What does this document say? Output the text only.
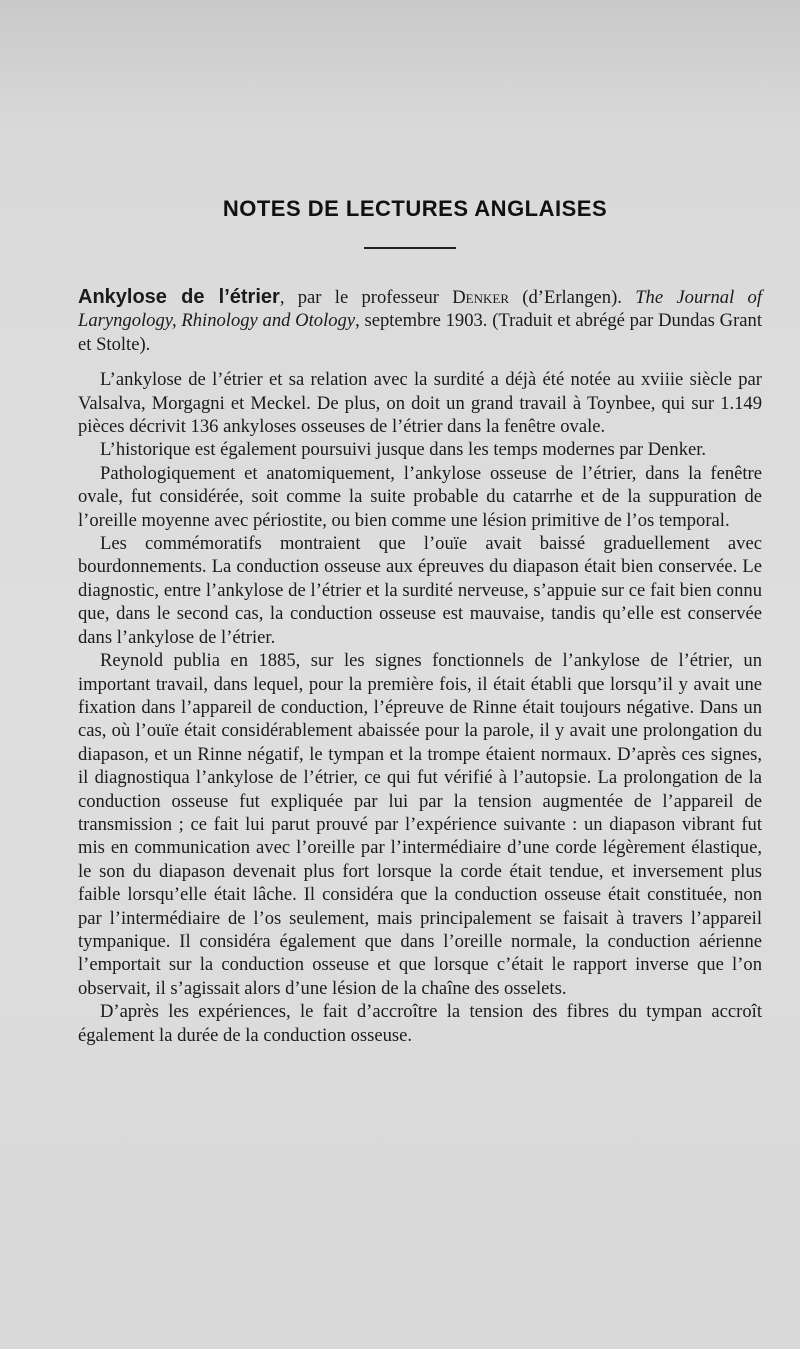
NOTES DE LECTURES ANGLAISES

Ankylose de l’étrier, par le professeur Denker (d’Erlangen). The Journal of Laryngology, Rhinology and Otology, septembre 1903. (Traduit et abrégé par Dundas Grant et Stolte).

L’ankylose de l’étrier et sa relation avec la surdité a déjà été notée au xviiie siècle par Valsalva, Morgagni et Meckel. De plus, on doit un grand travail à Toynbee, qui sur 1.149 pièces décrivit 136 ankyloses osseuses de l’étrier dans la fenêtre ovale.

L’historique est également poursuivi jusque dans les temps modernes par Denker.

Pathologiquement et anatomiquement, l’ankylose osseuse de l’étrier, dans la fenêtre ovale, fut considérée, soit comme la suite probable du catarrhe et de la suppuration de l’oreille moyenne avec périostite, ou bien comme une lésion primitive de l’os temporal.

Les commémoratifs montraient que l’ouïe avait baissé graduellement avec bourdonnements. La conduction osseuse aux épreuves du diapason était bien conservée. Le diagnostic, entre l’ankylose de l’étrier et la surdité nerveuse, s’appuie sur ce fait bien connu que, dans le second cas, la conduction osseuse est mauvaise, tandis qu’elle est conservée dans l’ankylose de l’étrier.

Reynold publia en 1885, sur les signes fonctionnels de l’ankylose de l’étrier, un important travail, dans lequel, pour la première fois, il était établi que lorsqu’il y avait une fixation dans l’appareil de conduction, l’épreuve de Rinne était toujours négative. Dans un cas, où l’ouïe était considérablement abaissée pour la parole, il y avait une prolongation du diapason, et un Rinne négatif, le tympan et la trompe étaient normaux. D’après ces signes, il diagnostiqua l’ankylose de l’étrier, ce qui fut vérifié à l’autopsie. La prolongation de la conduction osseuse fut expliquée par lui par la tension augmentée de l’appareil de transmission ; ce fait lui parut prouvé par l’expérience suivante : un diapason vibrant fut mis en communication avec l’oreille par l’intermédiaire d’une corde légèrement élastique, le son du diapason devenait plus fort lorsque la corde était tendue, et inversement plus faible lorsqu’elle était lâche. Il considéra que la conduction osseuse était constituée, non par l’intermédiaire de l’os seulement, mais principalement se faisait à travers l’appareil tympanique. Il considéra également que dans l’oreille normale, la conduction aérienne l’emportait sur la conduction osseuse et que lorsque c’était le rapport inverse que l’on observait, il s’agissait alors d’une lésion de la chaîne des osselets.

D’après les expériences, le fait d’accroître la tension des fibres du tympan accroît également la durée de la conduction osseuse.
